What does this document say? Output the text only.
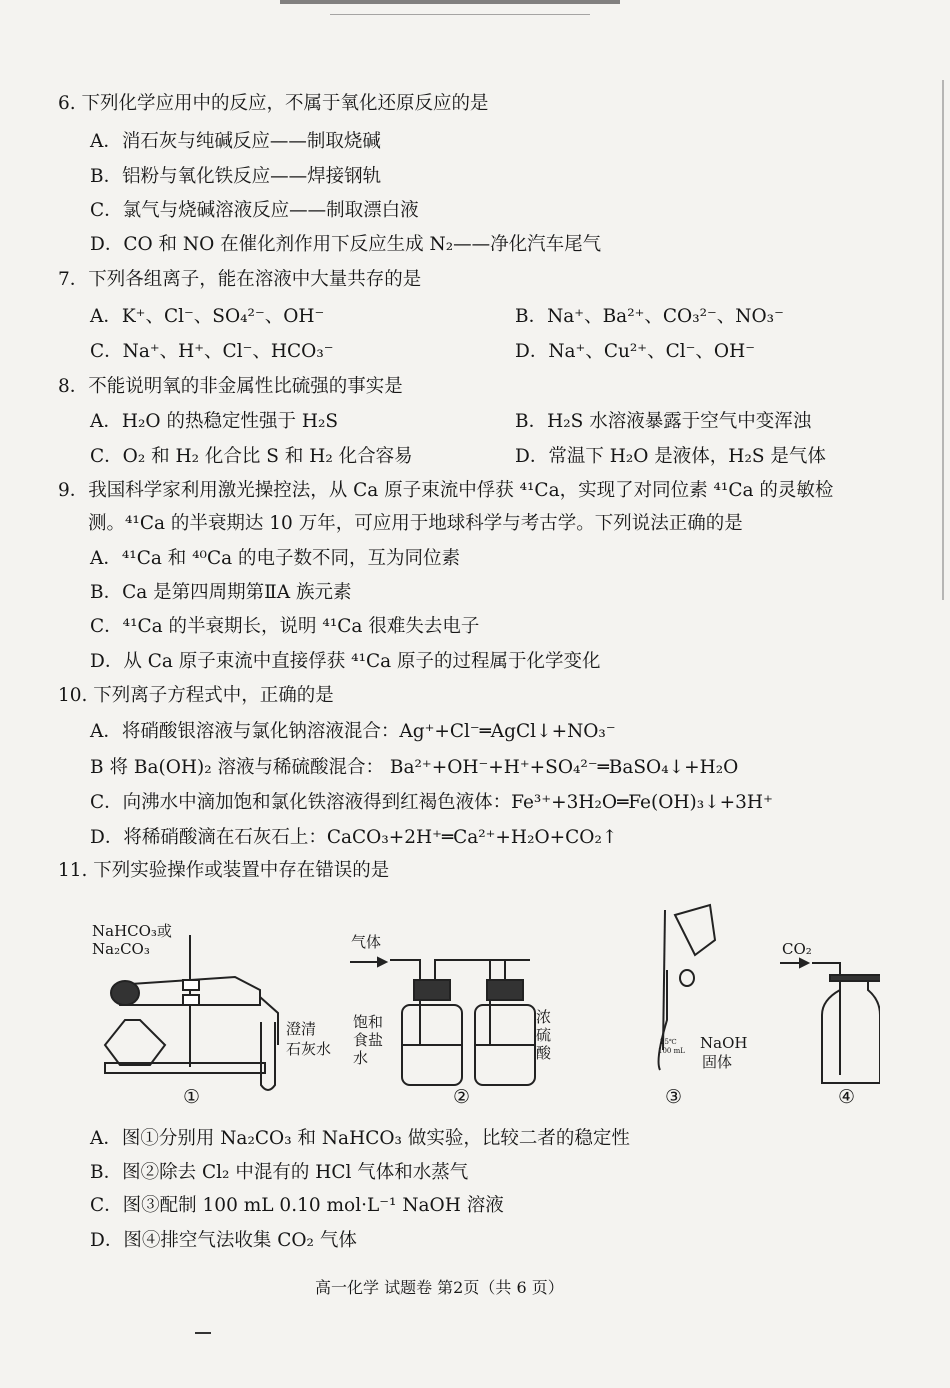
6. 下列化学应用中的反应，不属于氧化还原反应的是
A．消石灰与纯碱反应——制取烧碱
B．铝粉与氧化铁反应——焊接钢轨
C．氯气与烧碱溶液反应——制取漂白液
D．CO 和 NO 在催化剂作用下反应生成 N₂——净化汽车尾气
7．下列各组离子，能在溶液中大量共存的是
A．K⁺、Cl⁻、SO₄²⁻、OH⁻	B．Na⁺、Ba²⁺、CO₃²⁻、NO₃⁻
C．Na⁺、H⁺、Cl⁻、HCO₃⁻	D．Na⁺、Cu²⁺、Cl⁻、OH⁻
8．不能说明氧的非金属性比硫强的事实是
A．H₂O 的热稳定性强于 H₂S	B．H₂S 水溶液暴露于空气中变浑浊
C．O₂ 和 H₂ 化合比 S 和 H₂ 化合容易	D．常温下 H₂O 是液体，H₂S 是气体
9．我国科学家利用激光操控法，从 Ca 原子束流中俘获 ⁴¹Ca，实现了对同位素 ⁴¹Ca 的灵敏检
测。⁴¹Ca 的半衰期达 10 万年，可应用于地球科学与考古学。下列说法正确的是
A．⁴¹Ca 和 ⁴⁰Ca 的电子数不同，互为同位素
B．Ca 是第四周期第ⅡA 族元素
C．⁴¹Ca 的半衰期长，说明 ⁴¹Ca 很难失去电子
D．从 Ca 原子束流中直接俘获 ⁴¹Ca 原子的过程属于化学变化
10. 下列离子方程式中，正确的是
A．将硝酸银溶液与氯化钠溶液混合：Ag⁺+Cl⁻═AgCl↓+NO₃⁻
B 将 Ba(OH)₂ 溶液与稀硫酸混合： Ba²⁺+OH⁻+H⁺+SO₄²⁻═BaSO₄↓+H₂O
C．向沸水中滴加饱和氯化铁溶液得到红褐色液体：Fe³⁺+3H₂O═Fe(OH)₃↓+3H⁺
D．将稀硝酸滴在石灰石上：CaCO₃+2H⁺═Ca²⁺+H₂O+CO₂↑
11. 下列实验操作或装置中存在错误的是
NaHCO₃或
Na₂CO₃
澄清
石灰水
气体
饱和
食盐
水
浓
硫
酸
25℃
100 mL NaOH
固体
CO₂
①	②	③	④
A．图①分别用 Na₂CO₃ 和 NaHCO₃ 做实验，比较二者的稳定性
B．图②除去 Cl₂ 中混有的 HCl 气体和水蒸气
C．图③配制 100 mL 0.10 mol·L⁻¹ NaOH 溶液
D．图④排空气法收集 CO₂ 气体
高一化学 试题卷 第2页（共 6 页）
